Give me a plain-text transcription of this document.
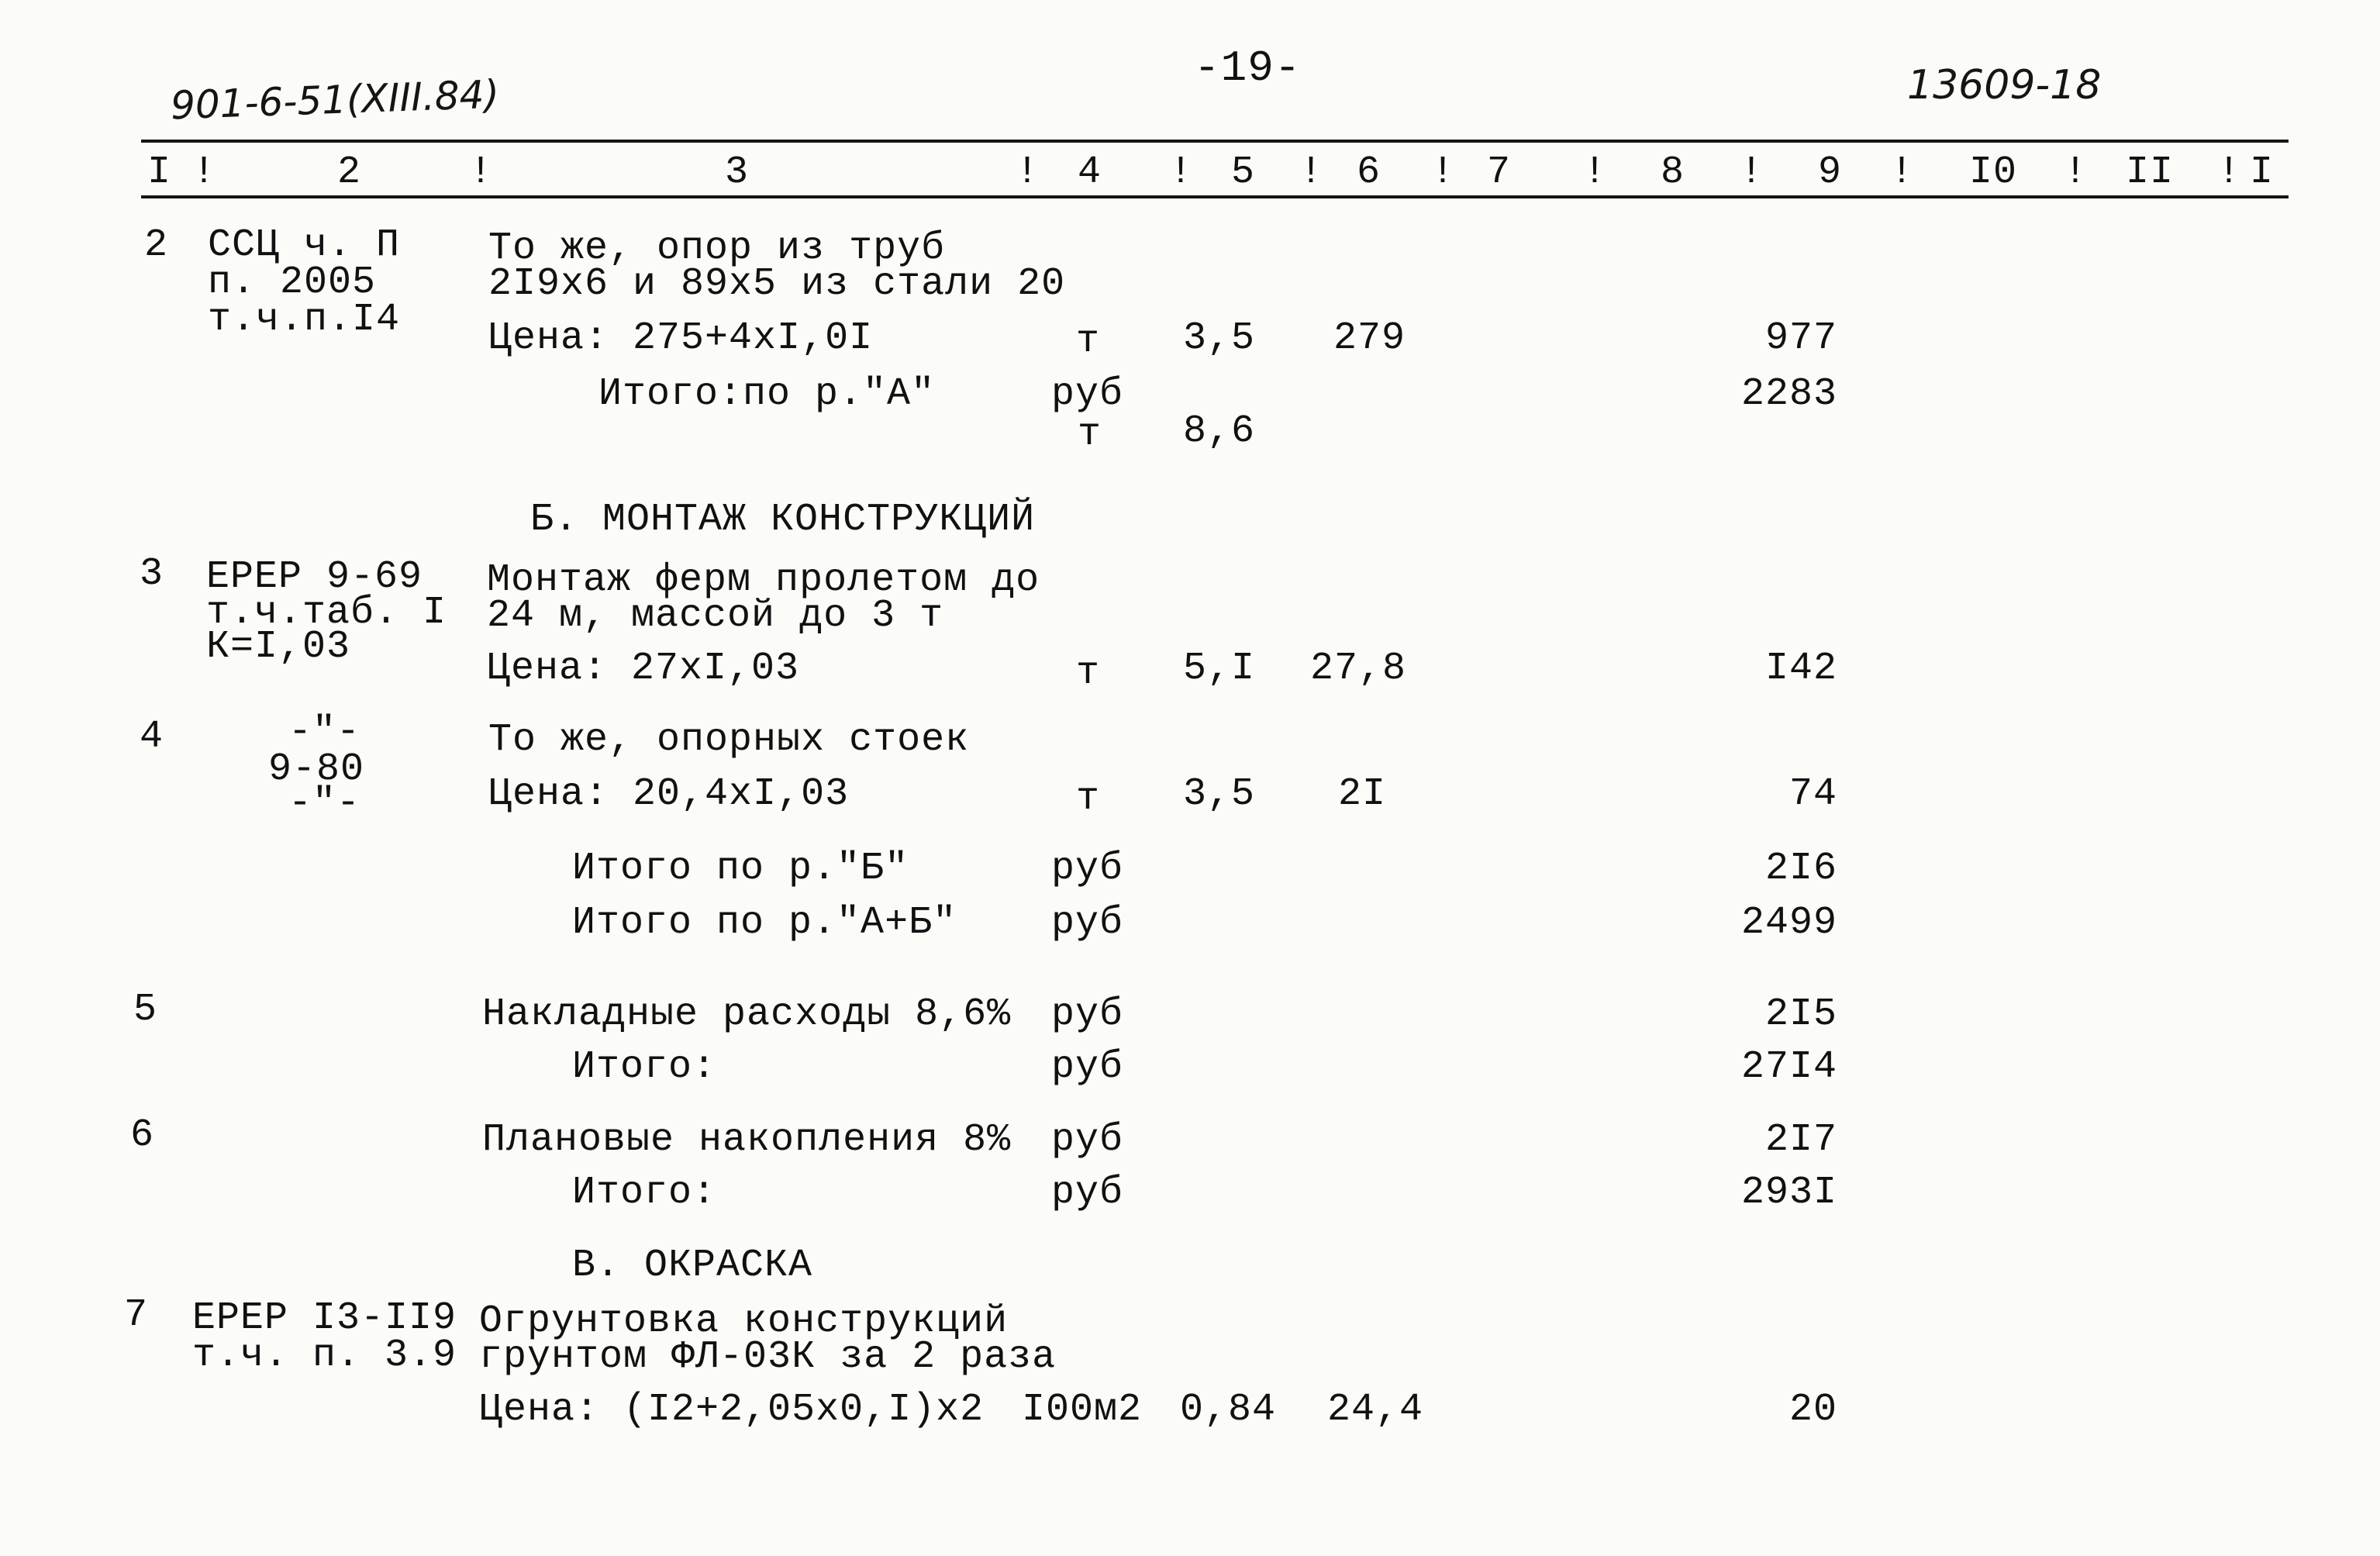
901-6-51(XIII.84)
-19-	13609-18
I !	2	!	3	! 4 ! 5 ! 6 ! 7 ! 8 ! 9 ! I0 ! II ! I
2 ССЦ ч. П
п. 2005
т.ч.п.I4
То же, опор из труб
2I9х6 и 89х5 из стали 20
Цена: 275+4хI,0I	т 3,5 279	977
Итого:по р."А"	руб	2283
т 8,6
Б. МОНТАЖ КОНСТРУКЦИЙ
3 ЕРЕР 9-69
т.ч.таб. I
К=I,03
Монтаж ферм пролетом до
24 м, массой до 3 т
Цена: 27хI,03	т 5,I 27,8	I42
4	-"-
9-80
-"-
То же, опорных стоек
Цена: 20,4хI,03	т 3,5 2I	74
Итого по р."Б"	руб	2I6
Итого по р."А+Б" руб	2499
5	Накладные расходы 8,6% руб	2I5
Итого:	руб	27I4
6	Плановые накопления 8% руб	2I7
Итого:	руб	293I
В. ОКРАСКА
7 ЕРЕР I3-II9
т.ч. п. 3.9
Огрунтовка конструкций
грунтом ФЛ-03К за 2 раза
Цена: (I2+2,05х0,I)х2 I00м2 0,84 24,4	20
